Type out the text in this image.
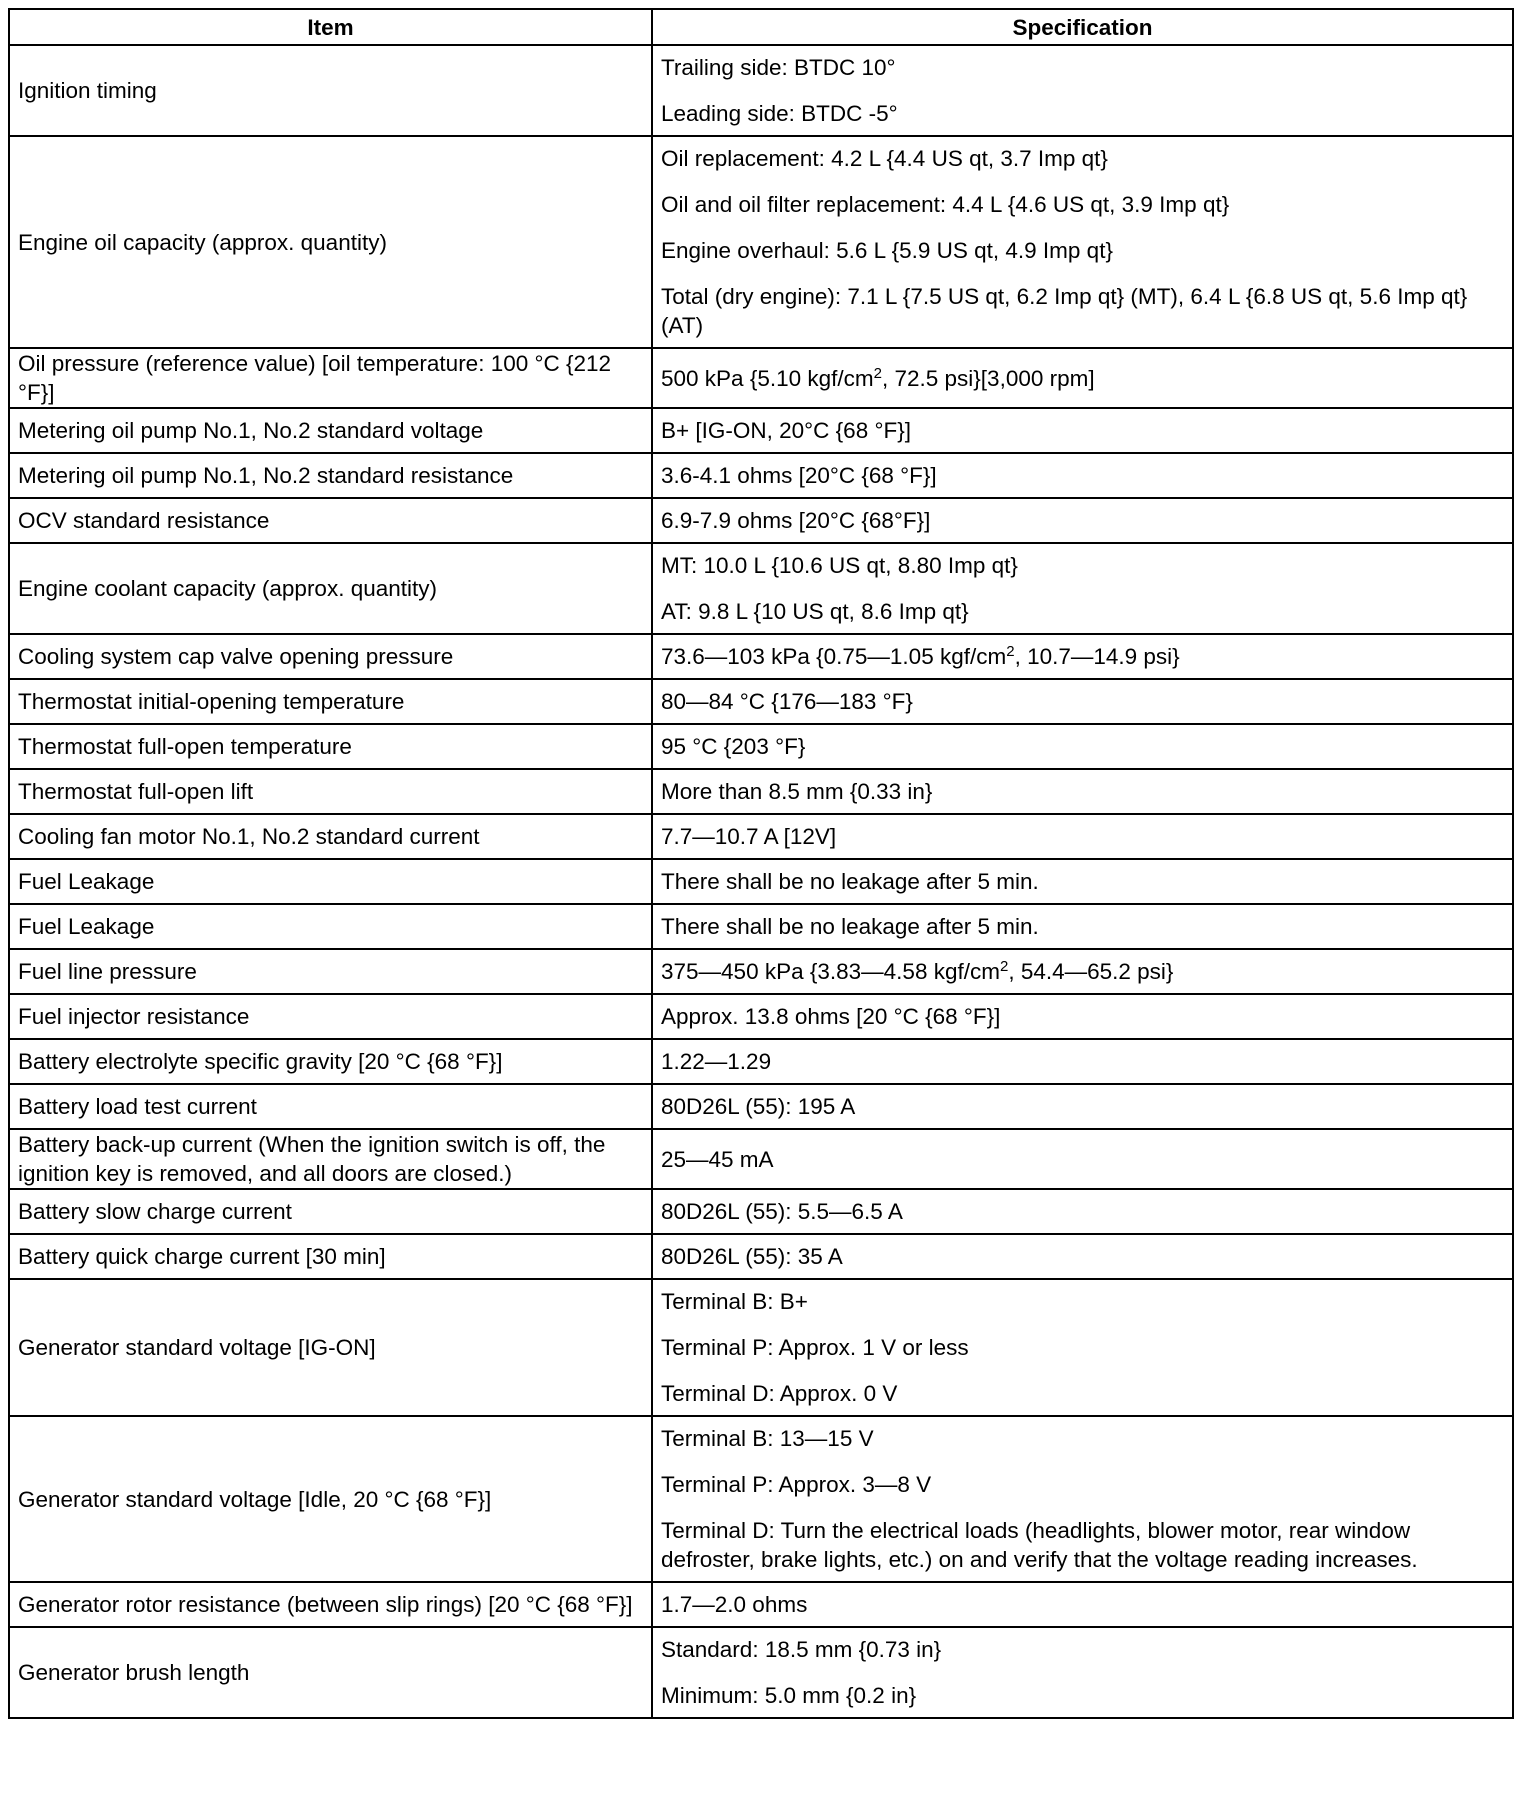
Item	Specification
Ignition timing	Trailing side: BTDC 10°
Leading side: BTDC -5°

Engine oil capacity (approx. quantity)	Oil replacement: 4.2 L {4.4 US qt, 3.7 Imp qt}
Oil and oil filter replacement: 4.4 L {4.6 US qt, 3.9 Imp qt}
Engine overhaul: 5.6 L {5.9 US qt, 4.9 Imp qt}
Total (dry engine): 7.1 L {7.5 US qt, 6.2 Imp qt} (MT), 6.4 L {6.8 US qt, 5.6 Imp qt} (AT)

Oil pressure (reference value) [oil temperature: 100 °C {212 °F}]	500 kPa {5.10 kgf/$cm^2$, 72.5 psi}[3,000 rpm]

Metering oil pump No.1, No.2 standard voltage	B+ [IG-ON, 20°C {68 °F}]

Metering oil pump No.1, No.2 standard resistance	3.6-4.1 ohms [20°C {68 °F}]

OCV standard resistance	6.9-7.9 ohms [20°C {68°F}]

Engine coolant capacity (approx. quantity)	MT: 10.0 L {10.6 US qt, 8.80 Imp qt}
AT: 9.8 L {10 US qt, 8.6 Imp qt}

Cooling system cap valve opening pressure	73.6—103 kPa {0.75—1.05 kgf/$cm^2$, 10.7—14.9 psi}

Thermostat initial-opening temperature	80—84 °C {176—183 °F}

Thermostat full-open temperature	95 °C {203 °F}

Thermostat full-open lift	More than 8.5 mm {0.33 in}

Cooling fan motor No.1, No.2 standard current	7.7—10.7 A [12V]

Fuel Leakage	There shall be no leakage after 5 min.

Fuel Leakage	There shall be no leakage after 5 min.

Fuel line pressure	375—450 kPa {3.83—4.58 kgf/$cm^2$, 54.4—65.2 psi}

Fuel injector resistance	Approx. 13.8 ohms [20 °C {68 °F}]

Battery electrolyte specific gravity [20 °C {68 °F}]	1.22—1.29

Battery load test current	80D26L (55): 195 A

Battery back-up current (When the ignition switch is off, the ignition key is removed, and all doors are closed.)	25—45 mA

Battery slow charge current	80D26L (55): 5.5—6.5 A

Battery quick charge current [30 min]	80D26L (55): 35 A

Generator standard voltage [IG-ON]	Terminal B: B+
Terminal P: Approx. 1 V or less
Terminal D: Approx. 0 V

Generator standard voltage [Idle, 20 °C {68 °F}]	Terminal B: 13—15 V
Terminal P: Approx. 3—8 V
Terminal D: Turn the electrical loads (headlights, blower motor, rear window defroster, brake lights, etc.) on and verify that the voltage reading increases.

Generator rotor resistance (between slip rings) [20 °C {68 °F}]	1.7—2.0 ohms

Generator brush length	Standard: 18.5 mm {0.73 in}
Minimum: 5.0 mm {0.2 in}
